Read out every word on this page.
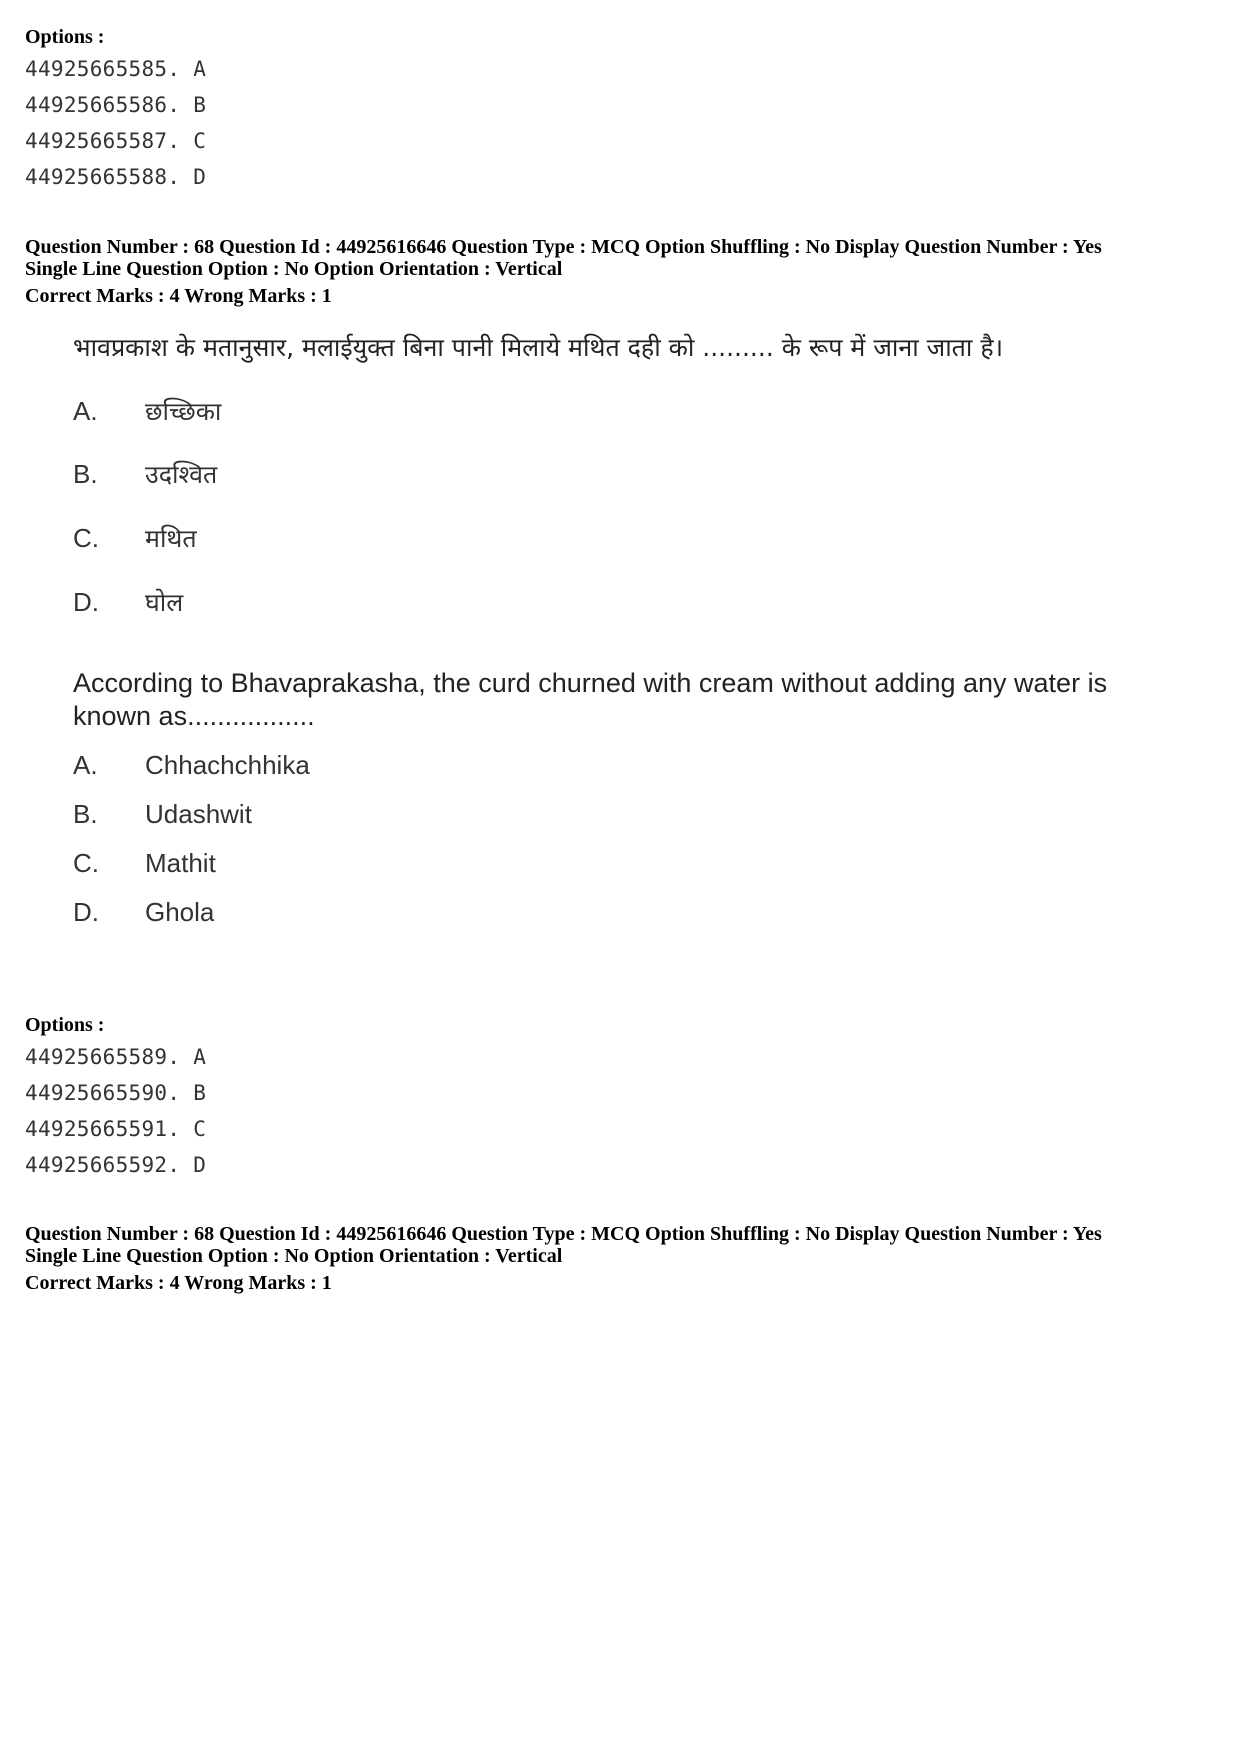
Options :
44925665585. A
44925665586. B
44925665587. C
44925665588. D
Question Number : 68 Question Id : 44925616646 Question Type : MCQ Option Shuffling : No Display Question Number : Yes
Single Line Question Option : No Option Orientation : Vertical
Correct Marks : 4 Wrong Marks : 1
भावप्रकाश के मतानुसार, मलाईयुक्त बिना पानी मिलाये मथित दही को ......... के रूप में जाना जाता है।
A. छच्छिका
B. उदश्वित
C. मथित
D. घोल
According to Bhavaprakasha, the curd churned with cream without adding any water is
known as.................
A. Chhachchhika
B. Udashwit
C. Mathit
D. Ghola
Options :
44925665589. A
44925665590. B
44925665591. C
44925665592. D
Question Number : 68 Question Id : 44925616646 Question Type : MCQ Option Shuffling : No Display Question Number : Yes
Single Line Question Option : No Option Orientation : Vertical
Correct Marks : 4 Wrong Marks : 1
